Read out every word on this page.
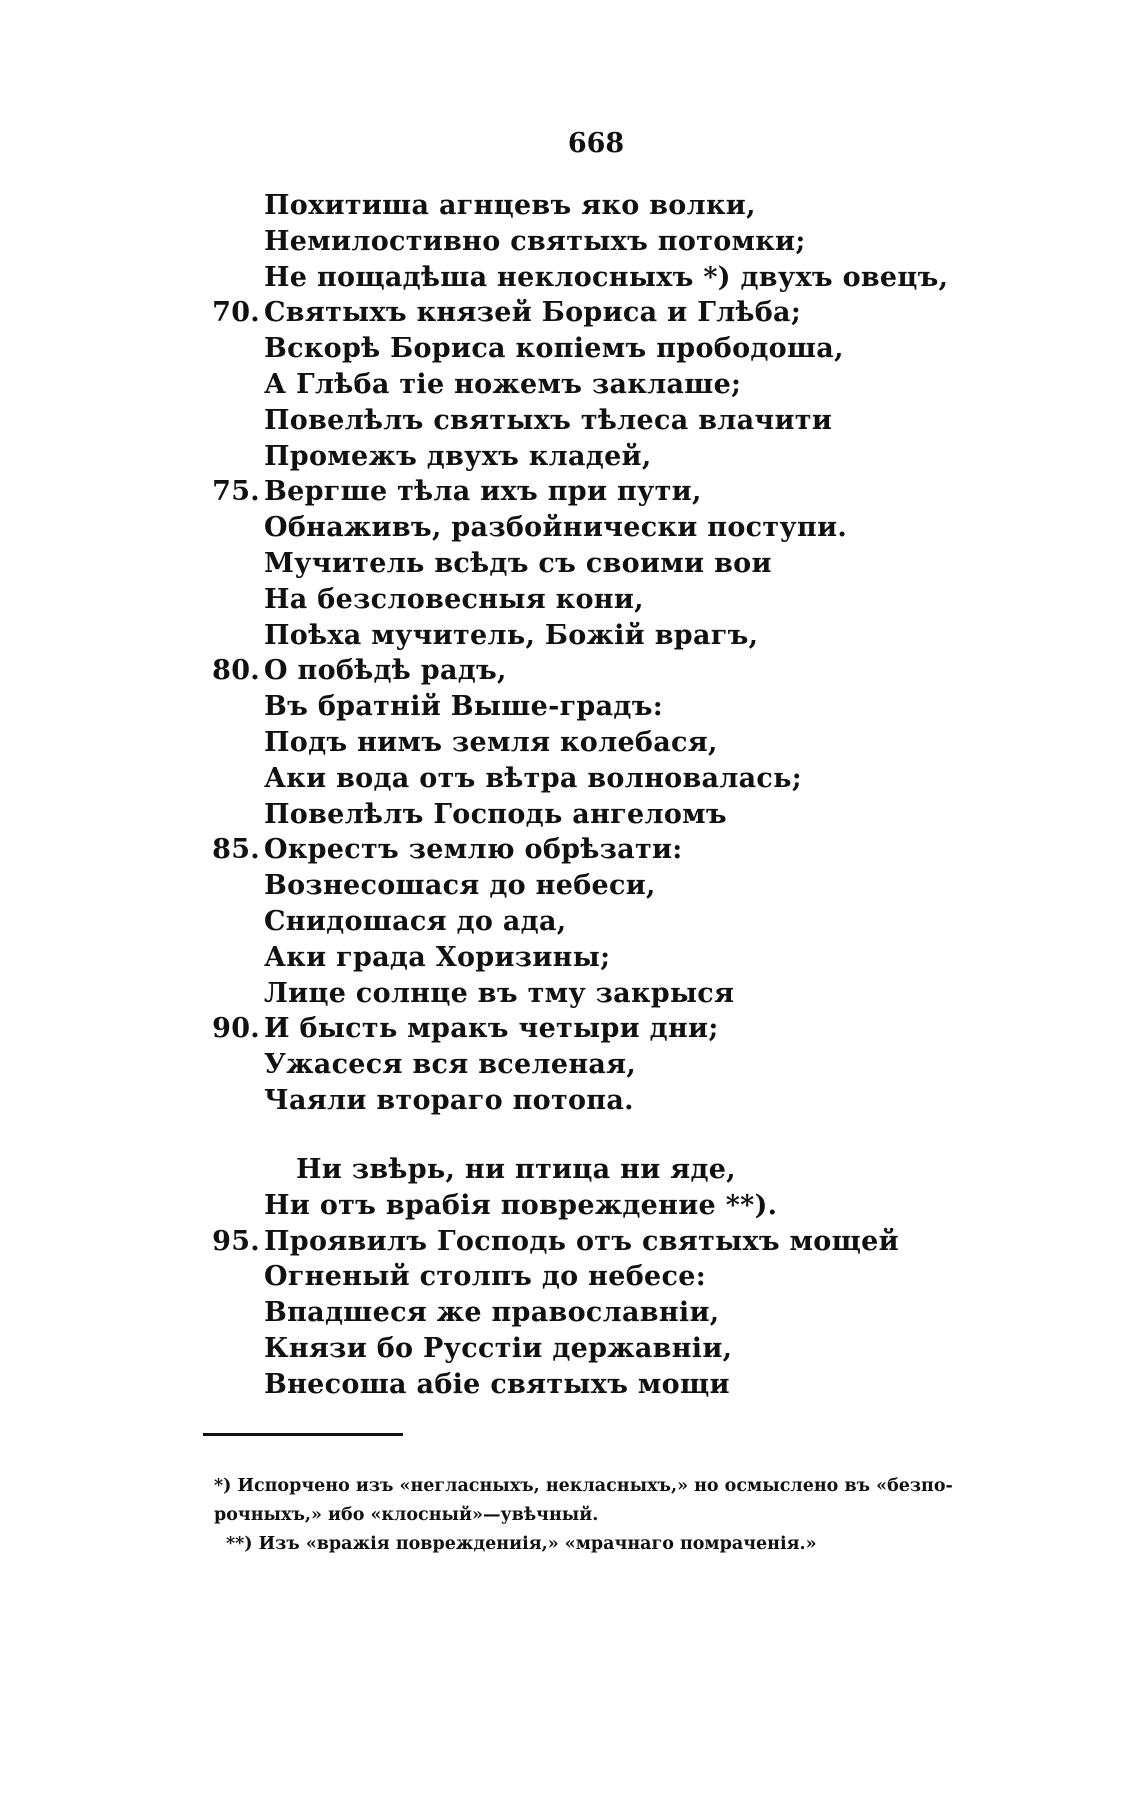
668
Похитиша агнцевъ яко волки,
Немилостивно святыхъ потомки;
Не пощадѣша неклосныхъ *) двухъ овецъ,
70. Святыхъ князей Бориса и Глѣба;
Вскорѣ Бориса копiемъ прободоша,
А Глѣба тiе ножемъ заклаше;
Повелѣлъ святыхъ тѣлеса влачити
Промежъ двухъ кладей,
75. Вергше тѣла ихъ при пути,
Обнаживъ, разбойнически поступи.
Мучитель всѣдъ съ своими вои
На безсловесныя кони,
Поѣха мучитель, Божiй врагъ,
80. О побѣдѣ радъ,
Въ братнiй Выше-градъ:
Подъ нимъ земля колебася,
Аки вода отъ вѣтра волновалась;
Повелѣлъ Господь ангеломъ
85. Окрестъ землю обрѣзати:
Вознесошася до небеси,
Снидошася до ада,
Аки града Хоризины;
Лице солнце въ тму закрыся
90. И бысть мракъ четыри дни;
Ужасеся вся вселеная,
Чаяли втораго потопа.
Ни звѣрь, ни птица ни яде,
Ни отъ врабiя повреждение **).
95. Проявилъ Господь отъ святыхъ мощей
Огненый столпъ до небесе:
Впадшеся же православнiи,
Князи бо Русстiи державнiи,
Внесоша абiе святыхъ мощи

*) Испорчено изъ «негласныхъ, некласныхъ,» но осмыслено въ «безпо-

рочныхъ,» ибо «клосный»—увѣчный.

**) Изъ «вражiя повреждениiя,» «мрачнаго помраченiя.»
